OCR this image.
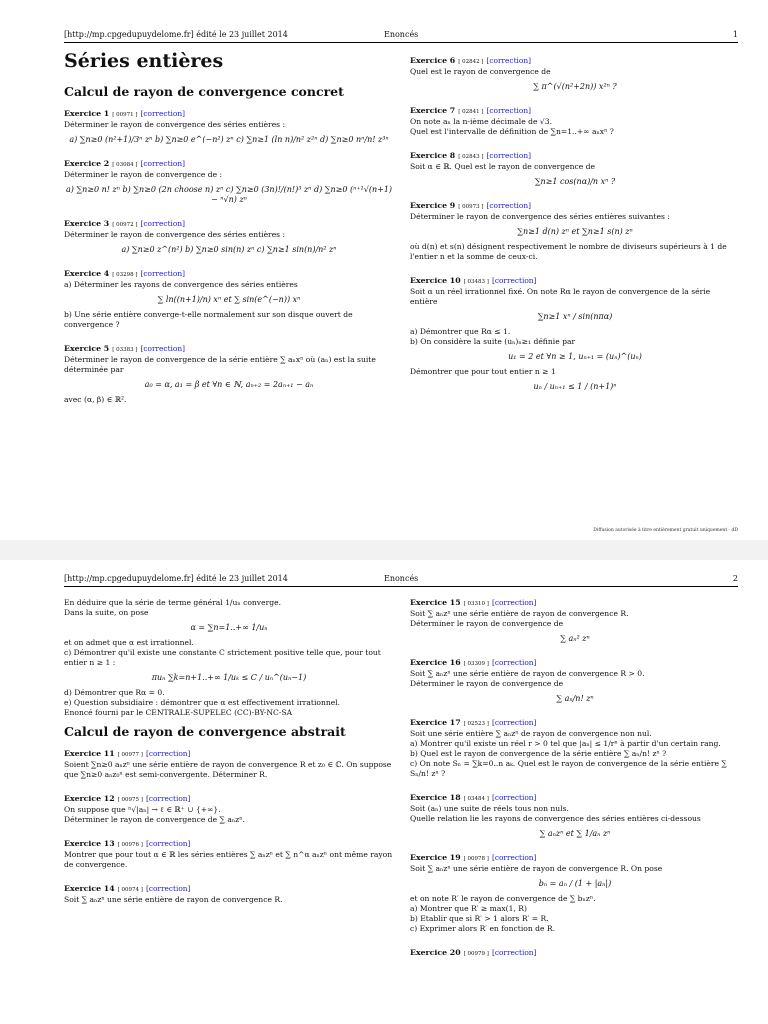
[http://mp.cpgedupuydelome.fr] édité le 23 juillet 2014	Enoncés	1
Séries entières
Calcul de rayon de convergence concret
Exercice 1 [ 00971 ] [correction]
Déterminer le rayon de convergence des séries entières :
a) ∑n≥0 (n²+1)/3ⁿ zⁿ b) ∑n≥0 e^(−n²) zⁿ c) ∑n≥1 (ln n)/n² z²ⁿ d) ∑n≥0 nⁿ/n! z³ⁿ
Exercice 2 [ 03084 ] [correction]
Déterminer le rayon de convergence de :
a) ∑n≥0 n! zⁿ b) ∑n≥0 (2n choose n) zⁿ c) ∑n≥0 (3n)!/(n!)³ zⁿ d) ∑n≥0 (ⁿ⁺¹√(n+1) − ⁿ√n) zⁿ
Exercice 3 [ 00972 ] [correction]
Déterminer le rayon de convergence des séries entières :
a) ∑n≥0 z^(n²) b) ∑n≥0 sin(n) zⁿ c) ∑n≥1 sin(n)/n² zⁿ
Exercice 4 [ 03298 ] [correction]
a) Déterminer les rayons de convergence des séries entières
∑ ln((n+1)/n) xⁿ et ∑ sin(e^(−n)) xⁿ
b) Une série entière converge-t-elle normalement sur son disque ouvert de convergence ?
Exercice 5 [ 03383 ] [correction]
Déterminer le rayon de convergence de la série entière ∑ aₙxⁿ où (aₙ) est la suite déterminée par
a₀ = α, a₁ = β et ∀n ∈ ℕ, aₙ₊₂ = 2aₙ₊₁ − aₙ
avec (α, β) ∈ ℝ².
Exercice 6 [ 02842 ] [correction]
Quel est le rayon de convergence de
∑ π^(√(n²+2n)) x²ⁿ ?
Exercice 7 [ 02841 ] [correction]
On note aₙ la n-ième décimale de √3.
Quel est l'intervalle de définition de ∑n=1..+∞ aₙxⁿ ?
Exercice 8 [ 02843 ] [correction]
Soit α ∈ ℝ. Quel est le rayon de convergence de
∑n≥1 cos(nα)/n xⁿ ?
Exercice 9 [ 00973 ] [correction]
Déterminer le rayon de convergence des séries entières suivantes :
∑n≥1 d(n) zⁿ et ∑n≥1 s(n) zⁿ
où d(n) et s(n) désignent respectivement le nombre de diviseurs supérieurs à 1 de l'entier n et la somme de ceux-ci.
Exercice 10 [ 03483 ] [correction]
Soit α un réel irrationnel fixé. On note Rα le rayon de convergence de la série entière
∑n≥1 xⁿ / sin(nπα)
a) Démontrer que Rα ≤ 1.
b) On considère la suite (uₙ)ₙ≥₁ définie par
u₁ = 2 et ∀n ≥ 1, uₙ₊₁ = (uₙ)^(uₙ)
Démontrer que pour tout entier n ≥ 1
uₙ / uₙ₊₁ ≤ 1 / (n+1)ⁿ
Diffusion autorisée à titre entièrement gratuit uniquement - dD
[http://mp.cpgedupuydelome.fr] édité le 23 juillet 2014	Enoncés	2
En déduire que la série de terme général 1/uₙ converge.
Dans la suite, on pose
α = ∑n=1..+∞ 1/uₙ
et on admet que α est irrationnel.
c) Démontrer qu'il existe une constante C strictement positive telle que, pour tout entier n ≥ 1 :
πuₙ ∑k=n+1..+∞ 1/uₖ ≤ C / uₙ^(uₙ−1)
d) Démontrer que Rα = 0.
e) Question subsidiaire : démontrer que α est effectivement irrationnel.
Enoncé fourni par le CENTRALE-SUPELEC (CC)-BY-NC-SA
Calcul de rayon de convergence abstrait
Exercice 11 [ 00977 ] [correction]
Soient ∑n≥0 aₙzⁿ une série entière de rayon de convergence R et z₀ ∈ ℂ. On suppose que ∑n≥0 aₙz₀ⁿ est semi-convergente. Déterminer R.
Exercice 12 [ 00975 ] [correction]
On suppose que ⁿ√|aₙ| → ℓ ∈ ℝ⁺ ∪ {+∞}.
Déterminer le rayon de convergence de ∑ aₙzⁿ.
Exercice 13 [ 00976 ] [correction]
Montrer que pour tout α ∈ ℝ les séries entières ∑ aₙzⁿ et ∑ n^α aₙzⁿ ont même rayon de convergence.
Exercice 14 [ 00974 ] [correction]
Soit ∑ aₙzⁿ une série entière de rayon de convergence R.
Exercice 15 [ 03310 ] [correction]
Soit ∑ aₙzⁿ une série entière de rayon de convergence R.
Déterminer le rayon de convergence de
∑ aₙ² zⁿ
Exercice 16 [ 03309 ] [correction]
Soit ∑ aₙzⁿ une série entière de rayon de convergence R > 0.
Déterminer le rayon de convergence de
∑ aₙ/n! zⁿ
Exercice 17 [ 02523 ] [correction]
Soit une série entière ∑ aₙzⁿ de rayon de convergence non nul.
a) Montrer qu'il existe un réel r > 0 tel que |aₙ| ≤ 1/rⁿ à partir d'un certain rang.
b) Quel est le rayon de convergence de la série entière ∑ aₙ/n! zⁿ ?
c) On note Sₙ = ∑k=0..n aₖ. Quel est le rayon de convergence de la série entière ∑ Sₙ/n! zⁿ ?
Exercice 18 [ 03484 ] [correction]
Soit (aₙ) une suite de réels tous non nuls.
Quelle relation lie les rayons de convergence des séries entières ci-dessous
∑ aₙzⁿ et ∑ 1/aₙ zⁿ
Exercice 19 [ 00978 ] [correction]
Soit ∑ aₙzⁿ une série entière de rayon de convergence R. On pose
bₙ = aₙ / (1 + |aₙ|)
et on note R′ le rayon de convergence de ∑ bₙzⁿ.
a) Montrer que R′ ≥ max(1, R)
b) Etablir que si R′ > 1 alors R′ = R.
c) Exprimer alors R′ en fonction de R.
Exercice 20 [ 00979 ] [correction]
